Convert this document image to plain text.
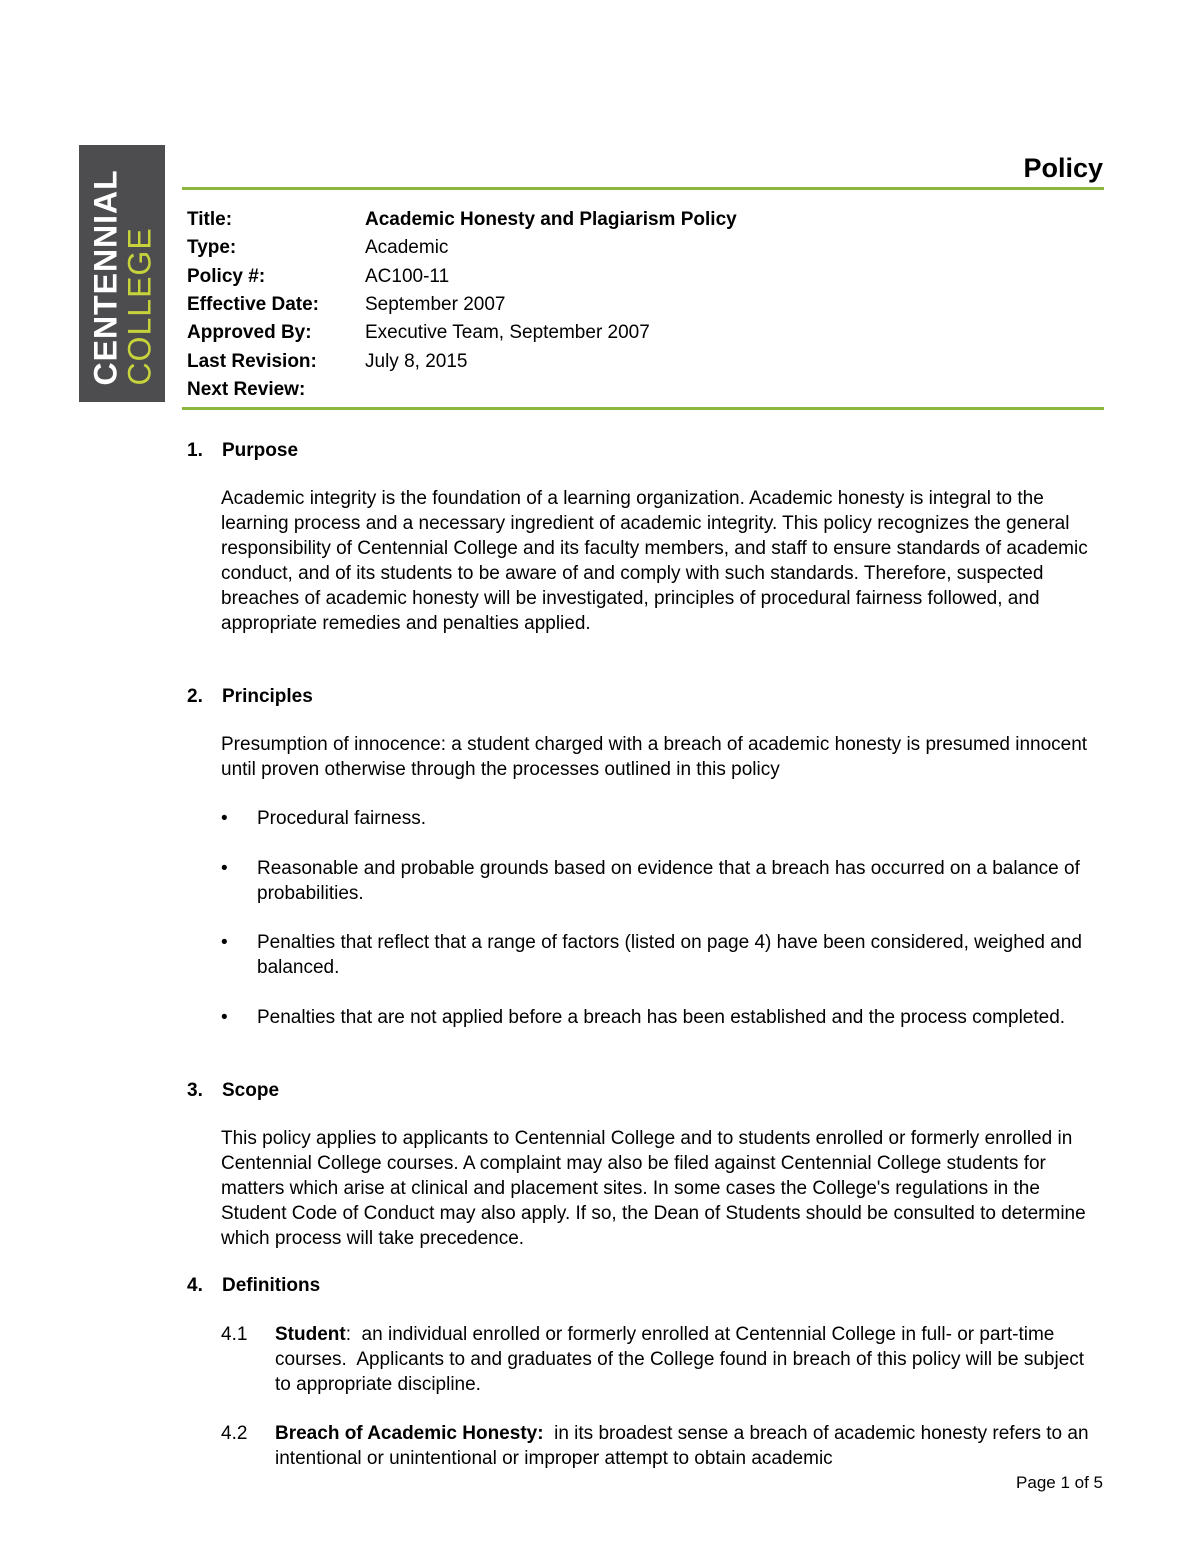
CENTENNIAL
COLLEGE
Policy
Title:	Academic Honesty and Plagiarism Policy
Type:	Academic
Policy #:	AC100-11
Effective Date:	September 2007
Approved By:	Executive Team, September 2007
Last Revision:	July 8, 2015
Next Review:
1. Purpose

Academic integrity is the foundation of a learning organization. Academic honesty is integral to the learning process and a necessary ingredient of academic integrity. This policy recognizes the general responsibility of Centennial College and its faculty members, and staff to ensure standards of academic conduct, and of its students to be aware of and comply with such standards. Therefore, suspected breaches of academic honesty will be investigated, principles of procedural fairness followed, and appropriate remedies and penalties applied.

2. Principles

Presumption of innocence: a student charged with a breach of academic honesty is presumed innocent until proven otherwise through the processes outlined in this policy

•	Procedural fairness.
•	Reasonable and probable grounds based on evidence that a breach has occurred on a balance of probabilities.
•	Penalties that reflect that a range of factors (listed on page 4) have been considered, weighed and balanced.
•	Penalties that are not applied before a breach has been established and the process completed.
3. Scope

This policy applies to applicants to Centennial College and to students enrolled or formerly enrolled in Centennial College courses. A complaint may also be filed against Centennial College students for matters which arise at clinical and placement sites. In some cases the College's regulations in the Student Code of Conduct may also apply. If so, the Dean of Students should be consulted to determine which process will take precedence.

4. Definitions
4.1	Student:  an individual enrolled or formerly enrolled at Centennial College in full- or part-time courses.  Applicants to and graduates of the College found in breach of this policy will be subject to appropriate discipline.
4.2	Breach of Academic Honesty:  in its broadest sense a breach of academic honesty refers to an intentional or unintentional or improper attempt to obtain academic
Page 1 of 5
